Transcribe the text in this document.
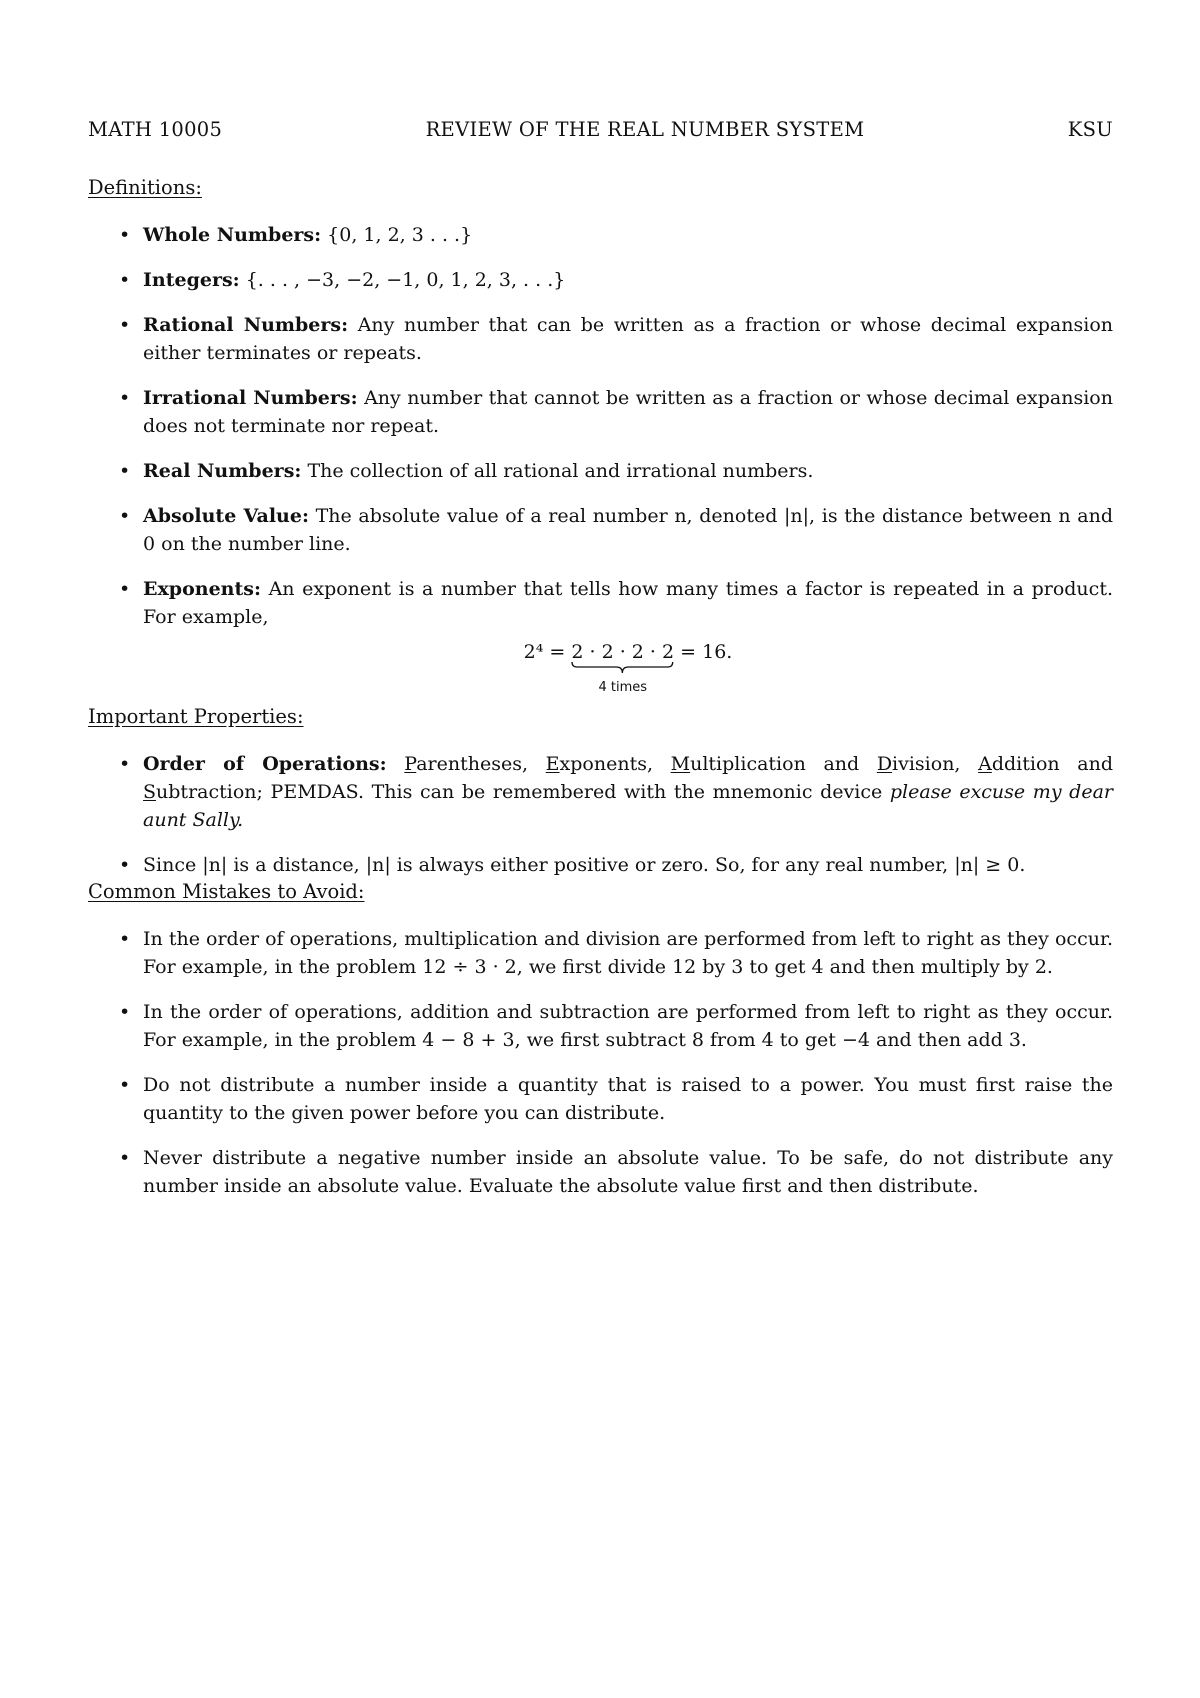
MATH 10005	REVIEW OF THE REAL NUMBER SYSTEM	KSU
Definitions:
• Whole Numbers: {0, 1, 2, 3 . . .}
• Integers: {. . . , −3, −2, −1, 0, 1, 2, 3, . . .}
• Rational Numbers: Any number that can be written as a fraction or whose decimal expansion either terminates or repeats.
• Irrational Numbers: Any number that cannot be written as a fraction or whose decimal expansion does not terminate nor repeat.
• Real Numbers: The collection of all rational and irrational numbers.
• Absolute Value: The absolute value of a real number n, denoted |n|, is the distance between n and 0 on the number line.
• Exponents: An exponent is a number that tells how many times a factor is repeated in a product. For example,
2⁴ = 2 · 2 · 2 · 2
4 times
= 16.
Important Properties:
• Order of Operations: Parentheses, Exponents, Multiplication and Division, Addition and Subtraction; PEMDAS. This can be remembered with the mnemonic device please excuse my dear aunt Sally.
• Since |n| is a distance, |n| is always either positive or zero. So, for any real number, |n| ≥ 0.
Common Mistakes to Avoid:
• In the order of operations, multiplication and division are performed from left to right as they occur. For example, in the problem 12 ÷ 3 · 2, we first divide 12 by 3 to get 4 and then multiply by 2.
• In the order of operations, addition and subtraction are performed from left to right as they occur. For example, in the problem 4 − 8 + 3, we first subtract 8 from 4 to get −4 and then add 3.
• Do not distribute a number inside a quantity that is raised to a power. You must first raise the quantity to the given power before you can distribute.
• Never distribute a negative number inside an absolute value. To be safe, do not distribute any number inside an absolute value. Evaluate the absolute value first and then distribute.
